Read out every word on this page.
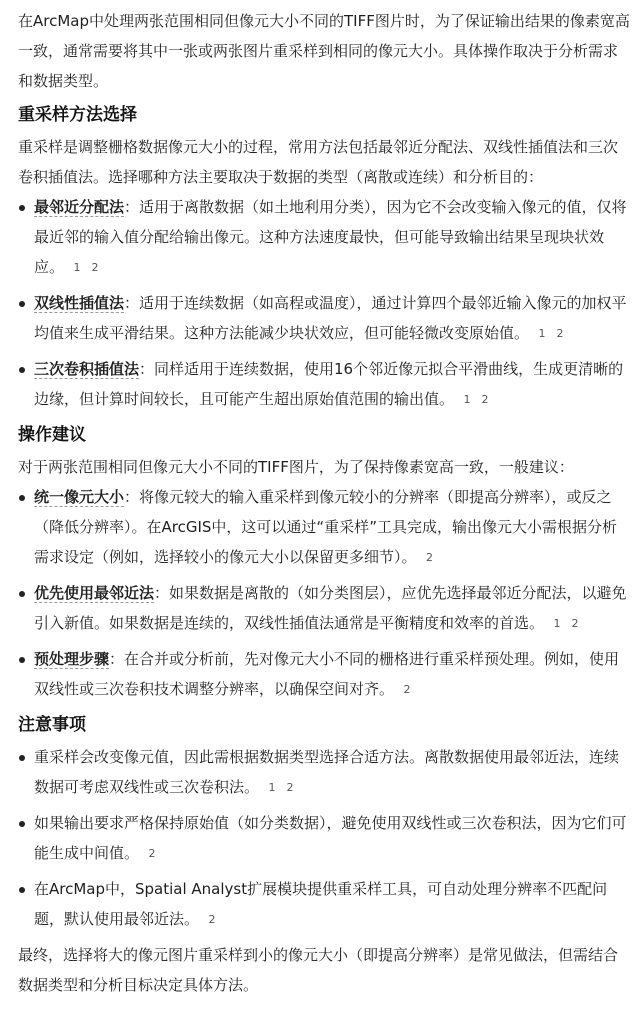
在ArcMap中处理两张范围相同但像元大小不同的TIFF图片时，为了保证输出结果的像素宽高一致，通常需要将其中一张或两张图片重采样到相同的像元大小。具体操作取决于分析需求和数据类型。

重采样方法选择

重采样是调整栅格数据像元大小的过程，常用方法包括最邻近分配法、双线性插值法和三次卷积插值法。选择哪种方法主要取决于数据的类型（离散或连续）和分析目的：

最邻近分配法：适用于离散数据（如土地利用分类），因为它不会改变输入像元的值，仅将最近邻的输入值分配给输出像元。这种方法速度最快，但可能导致输出结果呈现块状效应。 1 2
双线性插值法：适用于连续数据（如高程或温度），通过计算四个最邻近输入像元的加权平均值来生成平滑结果。这种方法能减少块状效应，但可能轻微改变原始值。 1 2
三次卷积插值法：同样适用于连续数据，使用16个邻近像元拟合平滑曲线，生成更清晰的边缘，但计算时间较长，且可能产生超出原始值范围的输出值。 1 2
操作建议

对于两张范围相同但像元大小不同的TIFF图片，为了保持像素宽高一致，一般建议：

统一像元大小：将像元较大的输入重采样到像元较小的分辨率（即提高分辨率），或反之（降低分辨率）。在ArcGIS中，这可以通过“重采样”工具完成，输出像元大小需根据分析需求设定（例如，选择较小的像元大小以保留更多细节）。 2
优先使用最邻近法：如果数据是离散的（如分类图层），应优先选择最邻近分配法，以避免引入新值。如果数据是连续的，双线性插值法通常是平衡精度和效率的首选。 1 2
预处理步骤：在合并或分析前，先对像元大小不同的栅格进行重采样预处理。例如，使用双线性或三次卷积技术调整分辨率，以确保空间对齐。 2
注意事项
重采样会改变像元值，因此需根据数据类型选择合适方法。离散数据使用最邻近法，连续数据可考虑双线性或三次卷积法。 1 2
如果输出要求严格保持原始值（如分类数据），避免使用双线性或三次卷积法，因为它们可能生成中间值。 2
在ArcMap中，Spatial Analyst扩展模块提供重采样工具，可自动处理分辨率不匹配问题，默认使用最邻近法。 2

最终，选择将大的像元图片重采样到小的像元大小（即提高分辨率）是常见做法，但需结合数据类型和分析目标决定具体方法。
